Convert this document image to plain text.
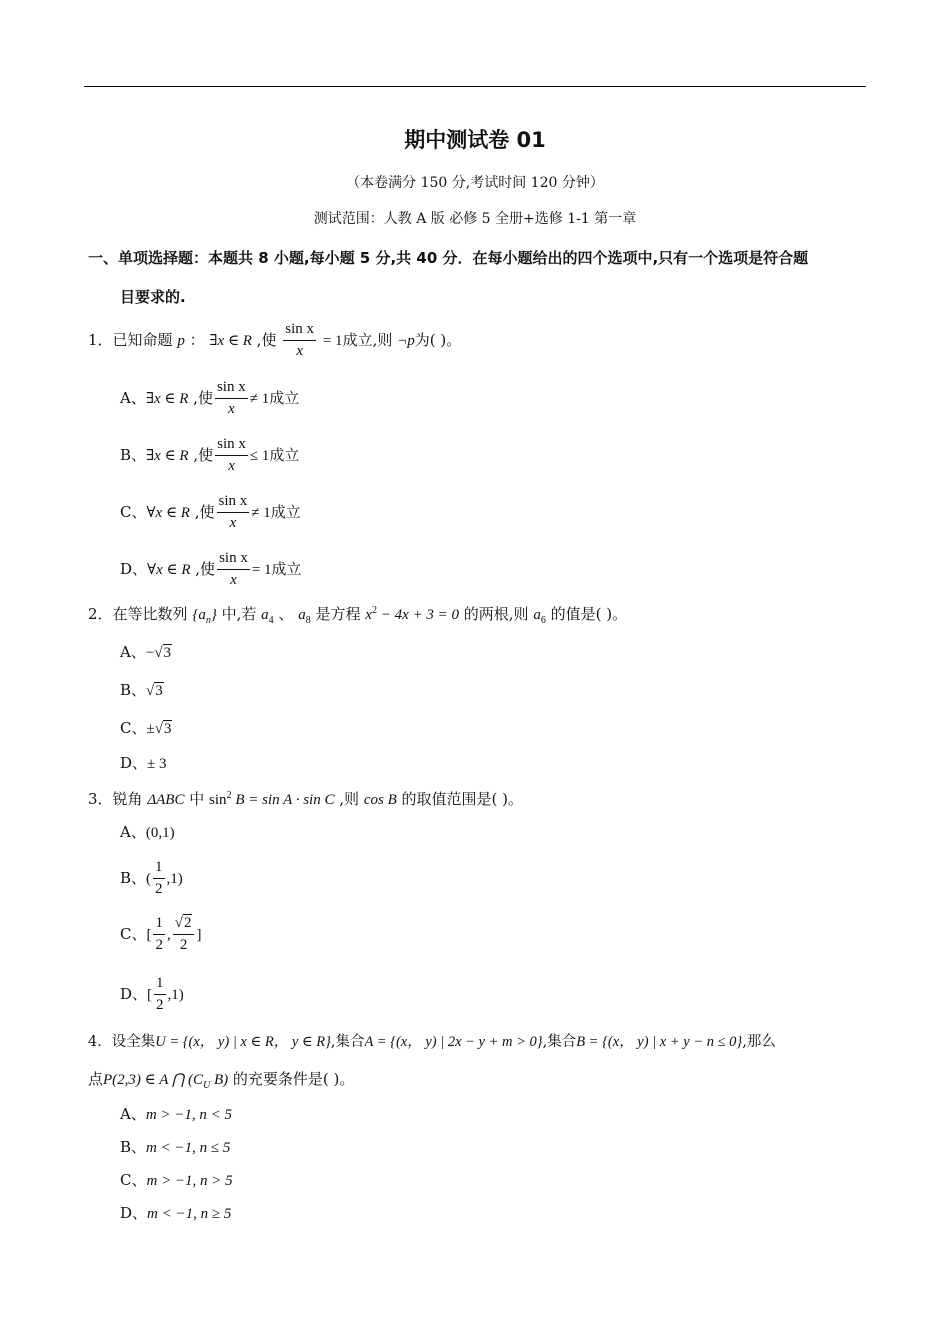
期中测试卷 01
（本卷满分 150 分,考试时间 120 分钟）
测试范围：人教 A 版 必修 5 全册+选修 1-1 第一章
一、单项选择题：本题共 8 小题,每小题 5 分,共 40 分．在每小题给出的四个选项中,只有一个选项是符合题
目要求的.
1．已知命题 p ： ∃x ∈ R ,使 $\frac{\text{sin x}}{x} = 1$成立,则 ¬p为( )。
A、∃x ∈ R ,使 $\frac{\text{sin x}}{x} \ne 1$成立
B、∃x ∈ R ,使 $\frac{\text{sin x}}{x} \le 1$成立
C、∀x ∈ R ,使 $\frac{\text{sin x}}{x} \ne 1$成立
D、∀x ∈ R ,使 $\frac{\text{sin x}}{x} = 1$成立
2．在等比数列 $\{a_n\}$ 中,若 $a_4$ 、 $a_8$ 是方程 $x^2 - 4x + 3 = 0$ 的两根,则 $a_6$ 的值是( )。
A、−√3
B、√3
C、±√3
D、± 3
3．锐角 ΔABC 中 $\sin^2 B = \sin A \cdot \sin C$ ,则 cos B 的取值范围是( )。
A、(0,1)
B、( $\frac{1}{2} ,1$)
C、[ $\frac{1}{2}$ , $\frac{√2}{2}$ ]
D、[ $\frac{1}{2} ,1$)
4．设全集U = {(x， y) | x ∈ R， y ∈ R},集合A = {(x， y) | 2x − y + m > 0},集合B = {(x， y) | x + y − n ≤ 0},那么
点P(2,3) ∈ A ⋂ ($C_U$ B) 的充要条件是( )。
A、m > −1, n < 5
B、m < −1, n ≤ 5
C、m > −1, n > 5
D、m < −1, n ≥ 5
